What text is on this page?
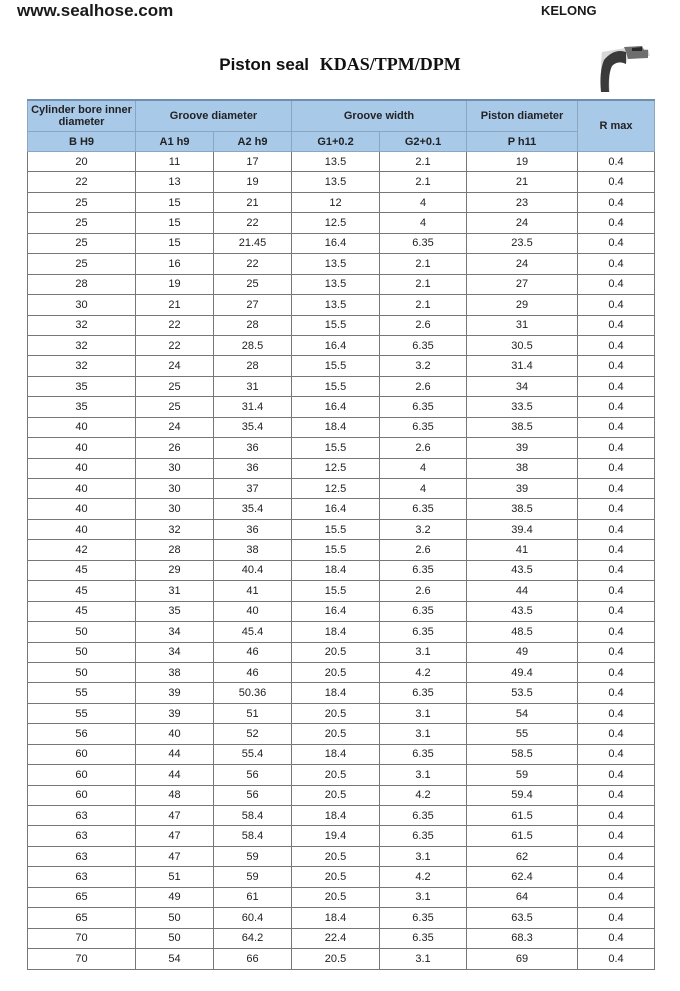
www.sealhose.com	KELONG
Piston seal KDAS/TPM/DPM
Cylinder bore inner diameter	Groove diameter		Groove width		Piston diameter	R max
B H9	A1 h9	A2 h9	G1+0.2	G2+0.1	P h11	
20	11	17	13.5	2.1	19	0.4
22	13	19	13.5	2.1	21	0.4
25	15	21	12	4	23	0.4
25	15	22	12.5	4	24	0.4
25	15	21.45	16.4	6.35	23.5	0.4
25	16	22	13.5	2.1	24	0.4
28	19	25	13.5	2.1	27	0.4
30	21	27	13.5	2.1	29	0.4
32	22	28	15.5	2.6	31	0.4
32	22	28.5	16.4	6.35	30.5	0.4
32	24	28	15.5	3.2	31.4	0.4
35	25	31	15.5	2.6	34	0.4
35	25	31.4	16.4	6.35	33.5	0.4
40	24	35.4	18.4	6.35	38.5	0.4
40	26	36	15.5	2.6	39	0.4
40	30	36	12.5	4	38	0.4
40	30	37	12.5	4	39	0.4
40	30	35.4	16.4	6.35	38.5	0.4
40	32	36	15.5	3.2	39.4	0.4
42	28	38	15.5	2.6	41	0.4
45	29	40.4	18.4	6.35	43.5	0.4
45	31	41	15.5	2.6	44	0.4
45	35	40	16.4	6.35	43.5	0.4
50	34	45.4	18.4	6.35	48.5	0.4
50	34	46	20.5	3.1	49	0.4
50	38	46	20.5	4.2	49.4	0.4
55	39	50.36	18.4	6.35	53.5	0.4
55	39	51	20.5	3.1	54	0.4
56	40	52	20.5	3.1	55	0.4
60	44	55.4	18.4	6.35	58.5	0.4
60	44	56	20.5	3.1	59	0.4
60	48	56	20.5	4.2	59.4	0.4
63	47	58.4	18.4	6.35	61.5	0.4
63	47	58.4	19.4	6.35	61.5	0.4
63	47	59	20.5	3.1	62	0.4
63	51	59	20.5	4.2	62.4	0.4
65	49	61	20.5	3.1	64	0.4
65	50	60.4	18.4	6.35	63.5	0.4
70	50	64.2	22.4	6.35	68.3	0.4
70	54	66	20.5	3.1	69	0.4
